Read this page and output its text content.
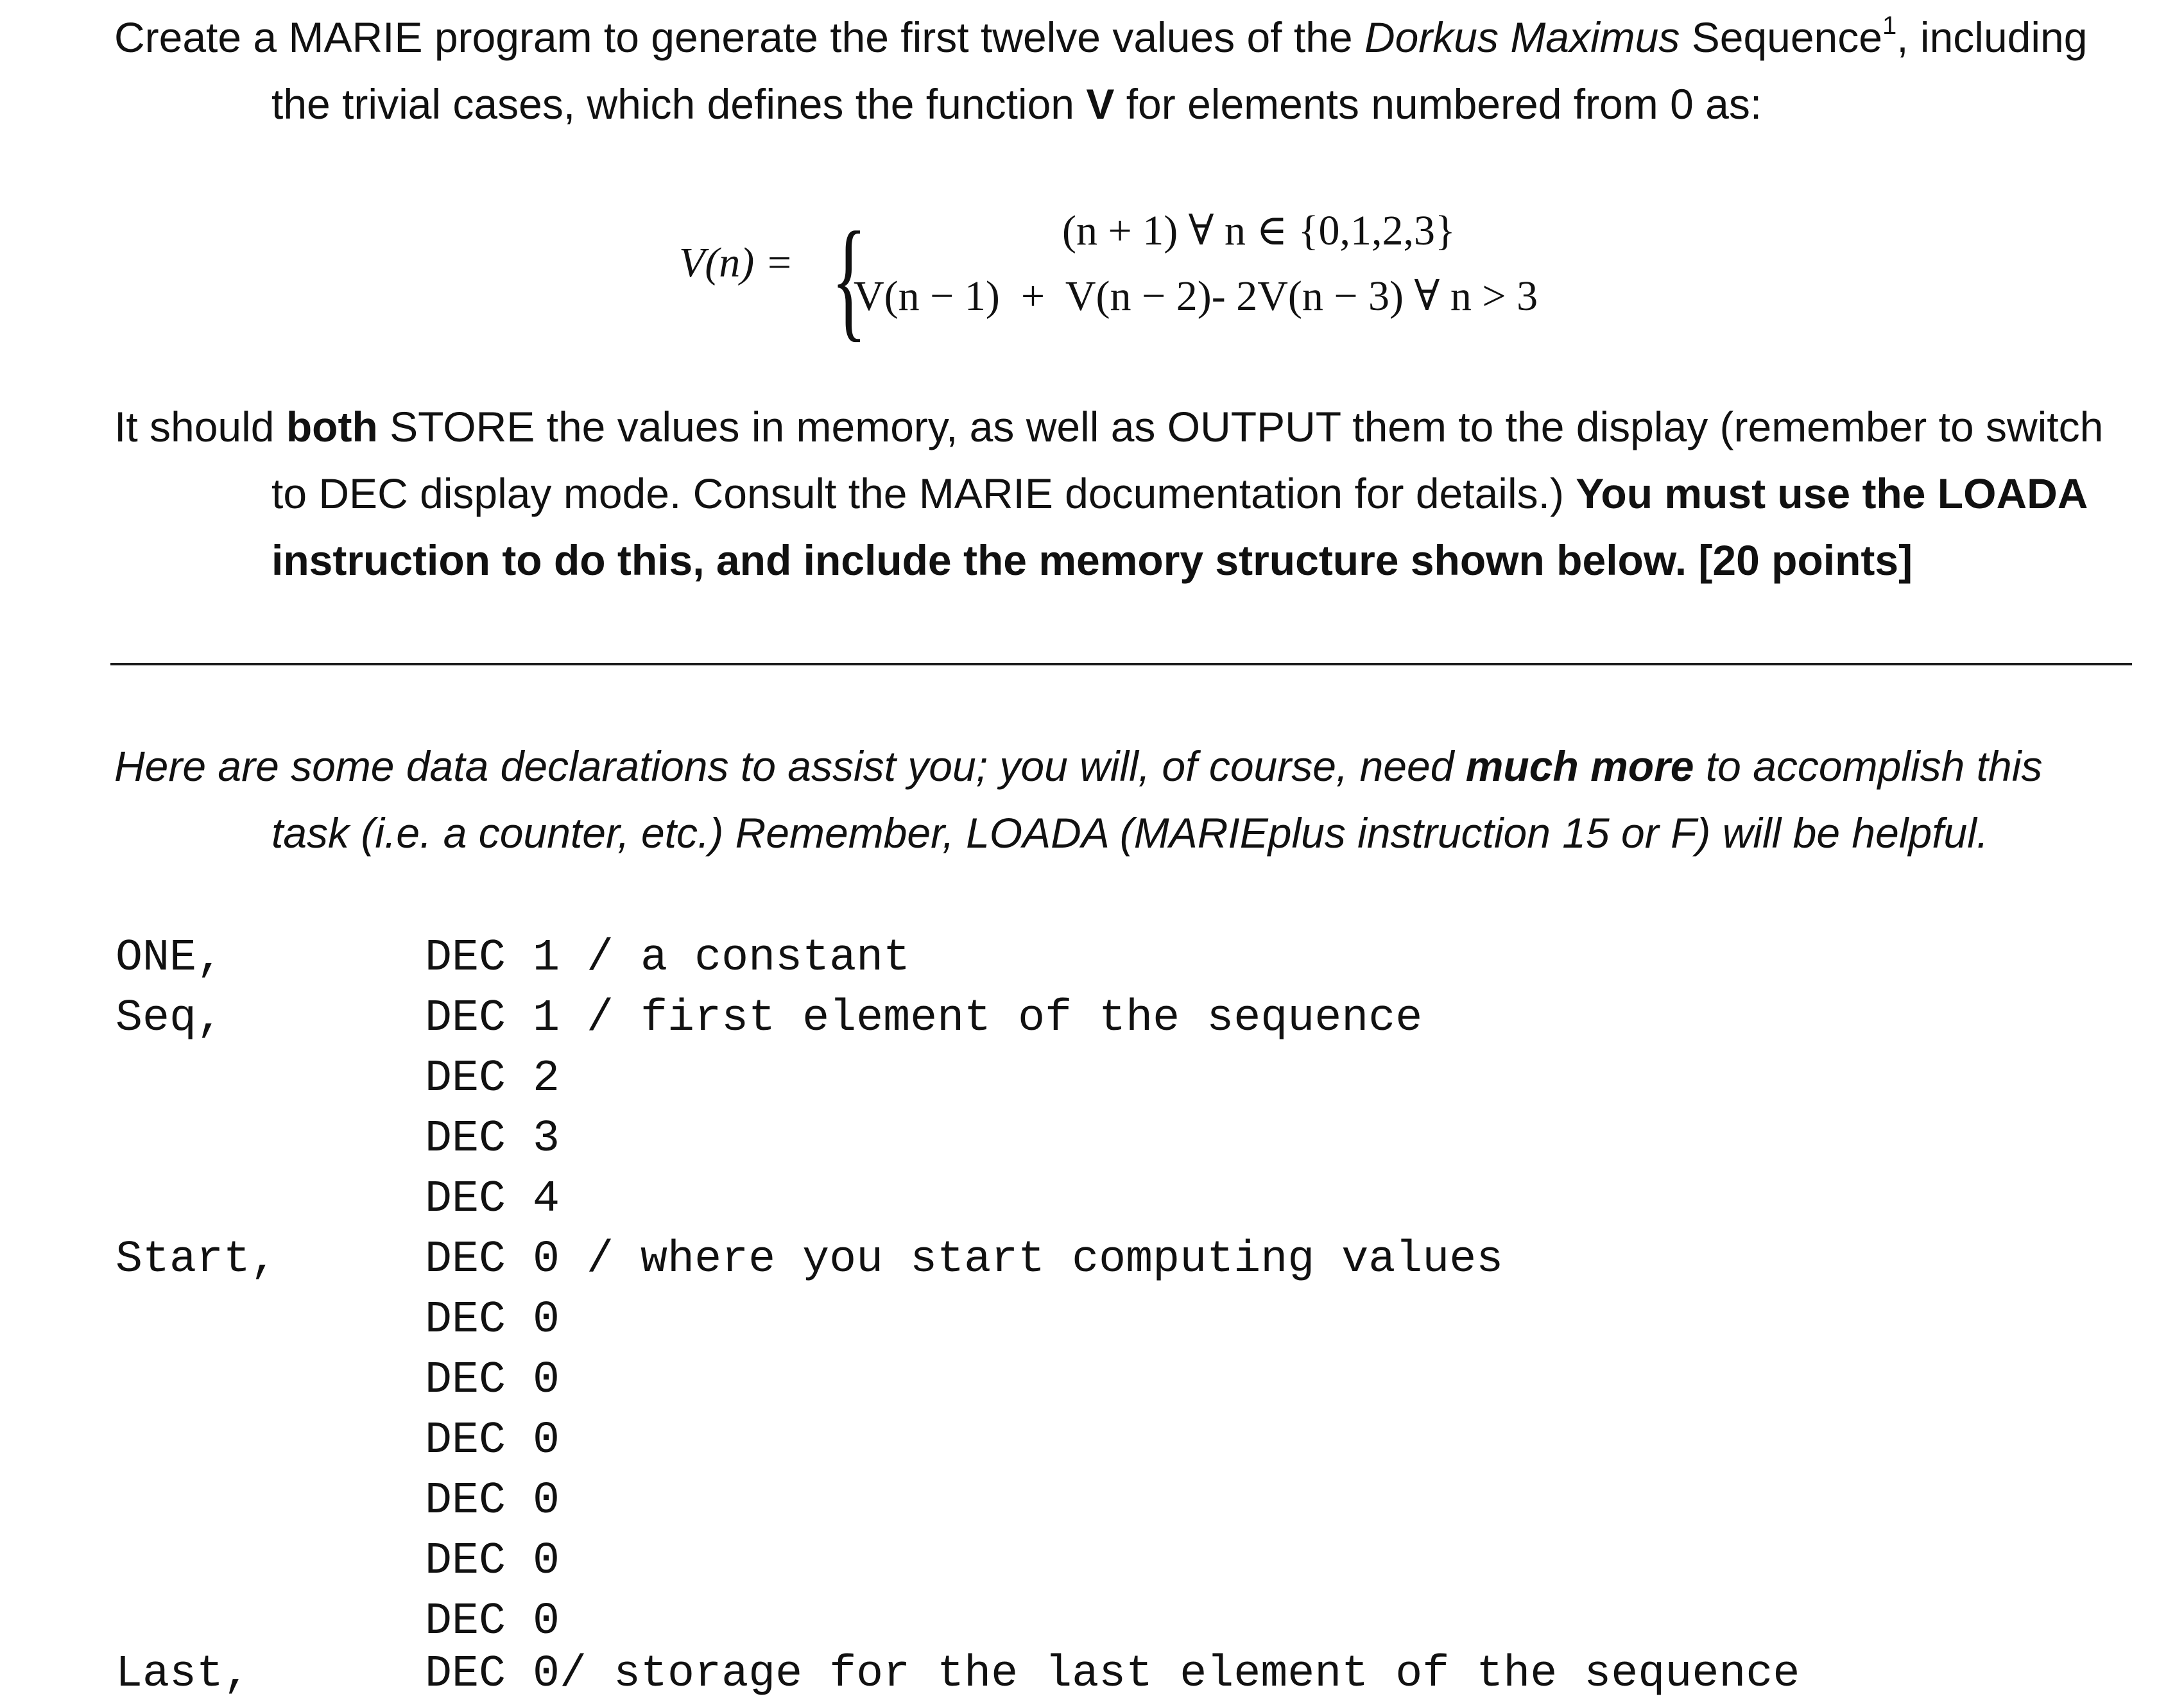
Create a MARIE program to generate the first twelve values of the Dorkus Maximus Sequence$^1$, including
the trivial cases, which defines the function V for elements numbered from 0 as:
V(n) = {	(n + 1) ∀ n ∈ {0,1,2,3}
V(n − 1)  +  V(n − 2)- 2V(n − 3) ∀ n > 3
It should both STORE the values in memory, as well as OUTPUT them to the display (remember to switch
to DEC display mode. Consult the MARIE documentation for details.) You must use the LOADA
instruction to do this, and include the memory structure shown below. [20 points]
Here are some data declarations to assist you; you will, of course, need much more to accomplish this
task (i.e. a counter, etc.) Remember, LOADA (MARIEplus instruction 15 or F) will be helpful.
ONE,	DEC 1 / a constant
Seq,	DEC 1 / first element of the sequence
DEC 2
DEC 3
DEC 4
Start,	DEC 0 / where you start computing values
DEC 0
DEC 0
DEC 0
DEC 0
DEC 0
DEC 0
Last,	DEC 0/ storage for the last element of the sequence
